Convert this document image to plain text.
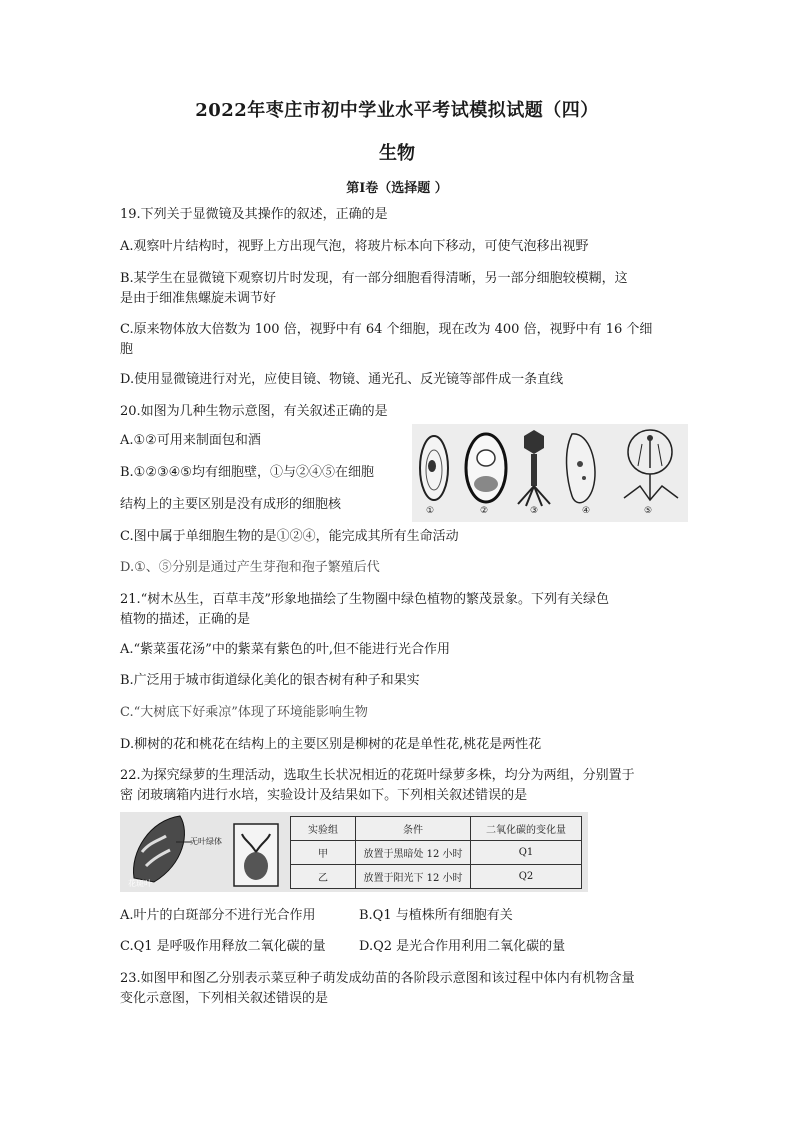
2022年枣庄市初中学业水平考试模拟试题（四）
生物
第I卷（选择题 ）
19.下列关于显微镜及其操作的叙述，正确的是
A.观察叶片结构时，视野上方出现气泡，将玻片标本向下移动，可使气泡移出视野
B.某学生在显微镜下观察切片时发现，有一部分细胞看得清晰，另一部分细胞较模糊，这
是由于细准焦螺旋未调节好
C.原来物体放大倍数为 100 倍，视野中有 64 个细胞，现在改为 400 倍，视野中有 16 个细
胞
D.使用显微镜进行对光，应使目镜、物镜、通光孔、反光镜等部件成一条直线
20.如图为几种生物示意图，有关叙述正确的是
A.①②可用来制面包和酒
B.①②③④⑤均有细胞壁，①与②④⑤在细胞
结构上的主要区别是没有成形的细胞核
C.图中属于单细胞生物的是①②④，能完成其所有生命活动
D.①、⑤分别是通过产生芽孢和孢子繁殖后代
①	②	③	④	⑤
21.“树木丛生，百草丰茂”形象地描绘了生物圈中绿色植物的繁茂景象。下列有关绿色
植物的描述，正确的是
A.“紫菜蛋花汤”中的紫菜有紫色的叶,但不能进行光合作用
B.广泛用于城市街道绿化美化的银杏树有种子和果实
C.“大树底下好乘凉”体现了环境能影响生物
D.柳树的花和桃花在结构上的主要区别是柳树的花是单性花,桃花是两性花
22.为探究绿萝的生理活动，选取生长状况相近的花斑叶绿萝多株，均分为两组，分别置于
密 闭玻璃箱内进行水培，实验设计及结果如下。下列相关叙述错误的是
无叶绿体
花斑叶
实验组	条件	二氧化碳的变化量
甲	放置于黑暗处 12 小时	Q1
乙	放置于阳光下 12 小时	Q2
A.叶片的白斑部分不进行光合作用	B.Q1 与植株所有细胞有关
C.Q1 是呼吸作用释放二氧化碳的量	D.Q2 是光合作用利用二氧化碳的量
23.如图甲和图乙分别表示菜豆种子萌发成幼苗的各阶段示意图和该过程中体内有机物含量
变化示意图，下列相关叙述错误的是
